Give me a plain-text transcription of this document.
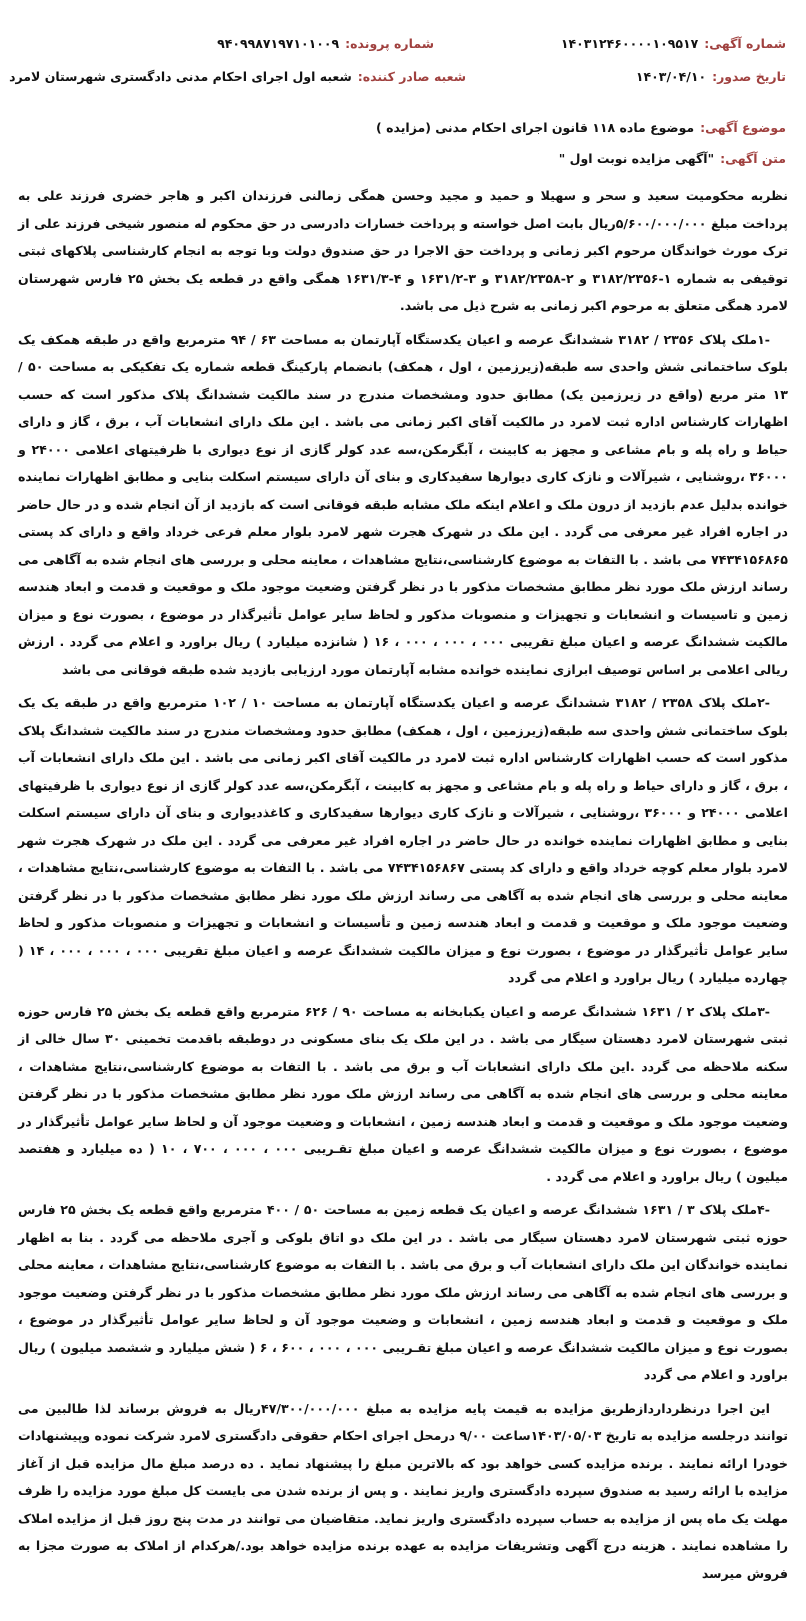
شماره آگهی:۱۴۰۳۱۲۴۶۰۰۰۰۱۰۹۵۱۷
شماره پرونده:۹۴۰۹۹۸۷۱۹۷۱۰۱۰۰۹
تاریخ صدور:۱۴۰۳/۰۴/۱۰
شعبه صادر کننده:شعبه اول اجرای احکام مدنی دادگستری شهرستان لامرد
موضوع آگهی:موضوع ماده ۱۱۸ قانون اجرای احکام مدنی (مزایده )
متن آگهی:"آگهی مزایده نوبت اول "

نظربه محکومیت سعید و سحر و سهیلا و حمید و مجید وحسن همگی زمالنی فرزندان اکبر و هاجر خضری فرزند علی به پرداخت مبلغ ۵/۶۰۰/۰۰۰/۰۰۰ریال بابت اصل خواسته و پرداخت خسارات دادرسی در حق محکوم له منصور شیخی فرزند علی از ترک مورث خواندگان مرحوم اکبر زمانی و پرداخت حق الاجرا در حق صندوق دولت وبا توجه به انجام کارشناسی پلاکهای ثبتی توقیفی به شماره ۱-۳۱۸۲/۲۳۵۶ و ۲-۳۱۸۲/۲۳۵۸ و ۳-۱۶۳۱/۲ و ۴-۱۶۳۱/۳ همگی واقع در قطعه یک بخش ۲۵ فارس شهرستان لامرد همگی متعلق به مرحوم اکبر زمانی به شرح ذیل می باشد.

-۱ملک پلاک ۲۳۵۶ / ۳۱۸۲ ششدانگ عرصه و اعیان یکدستگاه آپارتمان به مساحت ۶۳ / ۹۴ مترمربع واقع در طبقه همکف یک بلوک ساختمانی شش واحدی سه طبقه(زیرزمین ، اول ، همکف) بانضمام پارکینگ قطعه شماره یک تفکیکی به مساحت ۵۰ / ۱۳ متر مربع (واقع در زیرزمین یک) مطابق حدود ومشخصات مندرج در سند مالکیت ششدانگ پلاک مذکور است که حسب اظهارات کارشناس اداره ثبت لامرد در مالکیت آقای اکبر زمانی می باشد . این ملک دارای انشعابات آب ، برق ، گاز و دارای حیاط و راه پله و بام مشاعی و مجهز به کابینت ، آبگرمکن،سه عدد کولر گازی از نوع دیواری با ظرفیتهای اعلامی ۲۴۰۰۰ و ۳۶۰۰۰ ،روشنایی ، شیرآلات و نازک کاری دیوارها سفیدکاری و بنای آن دارای سیستم اسکلت بنایی و مطابق اظهارات نماینده خوانده بدلیل عدم بازدید از درون ملک و اعلام اینکه ملک مشابه طبقه فوقانی است که بازدید از آن انجام شده و در حال حاضر در اجاره افراد غیر معرفی می گردد . این ملک در شهرک هجرت شهر لامرد بلوار معلم فرعی خرداد واقع و دارای کد پستی ۷۴۳۴۱۵۶۸۶۵ می باشد . با التفات به موضوع کارشناسی،نتایج مشاهدات ، معاینه محلی و بررسی های انجام شده به آگاهی می رساند ارزش ملک مورد نظر مطابق مشخصات مذکور با در نظر گرفتن وضعیت موجود ملک و موقعیت و قدمت و ابعاد هندسه زمین و تاسیسات و انشعابات و تجهیزات و منصوبات مذکور و لحاظ سایر عوامل تأثیرگذار در موضوع ، بصورت نوع و میزان مالکیت ششدانگ عرصه و اعیان مبلغ تقریبی ۰۰۰ ، ۰۰۰ ، ۰۰۰ ، ۱۶ ( شانزده میلیارد ) ریال براورد و اعلام می گردد . ارزش ریالی اعلامی بر اساس توصیف ابرازی نماینده خوانده مشابه آپارتمان مورد ارزیابی بازدید شده طبقه فوقانی می باشد

-۲ملک پلاک ۲۳۵۸ / ۳۱۸۲ ششدانگ عرصه و اعیان یکدستگاه آپارتمان به مساحت ۱۰ / ۱۰۲ مترمربع واقع در طبقه یک یک بلوک ساختمانی شش واحدی سه طبقه(زیرزمین ، اول ، همکف) مطابق حدود ومشخصات مندرج در سند مالکیت ششدانگ پلاک مذکور است که حسب اظهارات کارشناس اداره ثبت لامرد در مالکیت آقای اکبر زمانی می باشد . این ملک دارای انشعابات آب ، برق ، گاز و دارای حیاط و راه پله و بام مشاعی و مجهز به کابینت ، آبگرمکن،سه عدد کولر گازی از نوع دیواری با ظرفیتهای اعلامی ۲۴۰۰۰ و ۳۶۰۰۰ ،روشنایی ، شیرآلات و نازک کاری دیوارها سفیدکاری و کاغذدیواری و بنای آن دارای سیستم اسکلت بنایی و مطابق اظهارات نماینده خوانده در حال حاضر در اجاره افراد غیر معرفی می گردد . این ملک در شهرک هجرت شهر لامرد بلوار معلم کوچه خرداد واقع و دارای کد پستی ۷۴۳۴۱۵۶۸۶۷ می باشد . با التفات به موضوع کارشناسی،نتایج مشاهدات ، معاینه محلی و بررسی های انجام شده به آگاهی می رساند ارزش ملک مورد نظر مطابق مشخصات مذکور با در نظر گرفتن وضعیت موجود ملک و موقعیت و قدمت و ابعاد هندسه زمین و تأسیسات و انشعابات و تجهیزات و منصوبات مذکور و لحاظ سایر عوامل تأثیرگذار در موضوع ، بصورت نوع و میزان مالکیت ششدانگ عرصه و اعیان مبلغ تقریبی ۰۰۰ ، ۰۰۰ ، ۰۰۰ ، ۱۴ ( چهارده میلیارد ) ریال براورد و اعلام می گردد

-۳ملک پلاک ۲ / ۱۶۳۱ ششدانگ عرصه و اعیان یکبابخانه به مساحت ۹۰ / ۶۲۶ مترمربع واقع قطعه یک بخش ۲۵ فارس حوزه ثبتی شهرستان لامرد دهستان سیگار می باشد . در این ملک یک بنای مسکونی در دوطبقه باقدمت تخمینی ۳۰ سال خالی از سکنه ملاحظه می گردد .این ملک دارای انشعابات آب و برق می باشد . با التفات به موضوع کارشناسی،نتایج مشاهدات ، معاینه محلی و بررسی های انجام شده به آگاهی می رساند ارزش ملک مورد نظر مطابق مشخصات مذکور با در نظر گرفتن وضعیت موجود ملک و موقعیت و قدمت و ابعاد هندسه زمین ، انشعابات و وضعیت موجود آن و لحاظ سایر عوامل تأثیرگذار در موضوع ، بصورت نوع و میزان مالکیت ششدانگ عرصه و اعیان مبلغ تقـریبی ۰۰۰ ، ۰۰۰ ، ۷۰۰ ، ۱۰ ( ده میلیارد و هفتصد میلیون ) ریال براورد و اعلام می گردد .

-۴ملک پلاک ۳ / ۱۶۳۱ ششدانگ عرصه و اعیان یک قطعه زمین به مساحت ۵۰ / ۴۰۰ مترمربع واقع قطعه یک بخش ۲۵ فارس حوزه ثبتی شهرستان لامرد دهستان سیگار می باشد . در این ملک دو اتاق بلوکی و آجری ملاحظه می گردد . بنا به اظهار نماینده خواندگان این ملک دارای انشعابات آب و برق می باشد . با التفات به موضوع کارشناسی،نتایج مشاهدات ، معاینه محلی و بررسی های انجام شده به آگاهی می رساند ارزش ملک مورد نظر مطابق مشخصات مذکور با در نظر گرفتن وضعیت موجود ملک و موقعیت و قدمت و ابعاد هندسه زمین ، انشعابات و وضعیت موجود آن و لحاظ سایر عوامل تأثیرگذار در موضوع ، بصورت نوع و میزان مالکیت ششدانگ عرصه و اعیان مبلغ تقـریبی ۰۰۰ ، ۰۰۰ ، ۶۰۰ ، ۶ ( شش میلیارد و ششصد میلیون ) ریال براورد و اعلام می گردد

این اجرا درنظرداردازطریق مزایده به قیمت پایه مزایده به مبلغ ۴۷/۳۰۰/۰۰۰/۰۰۰ریال به فروش برساند لذا طالبین می توانند درجلسه مزایده به تاریخ ۱۴۰۳/۰۵/۰۳ساعت ۹/۰۰ درمحل اجرای احکام حقوقی دادگستری لامرد شرکت نموده وپیشنهادات خودرا ارائه نمایند . برنده مزایده کسی خواهد بود که بالاترین مبلغ را پیشنهاد نماید . ده درصد مبلغ مال مزایده قبل از آغاز مزایده با ارائه رسید به صندوق سپرده دادگستری واریز نمایند . و پس از برنده شدن می بایست کل مبلغ مورد مزایده را ظرف مهلت یک ماه پس از مزایده به حساب سپرده دادگستری واریز نماید. متقاضیان می توانند در مدت پنج روز قبل از مزایده املاک را مشاهده نمایند . هزینه درج آگهی وتشریفات مزایده به عهده برنده مزایده خواهد بود./هرکدام از املاک به صورت مجزا به فروش میرسد
